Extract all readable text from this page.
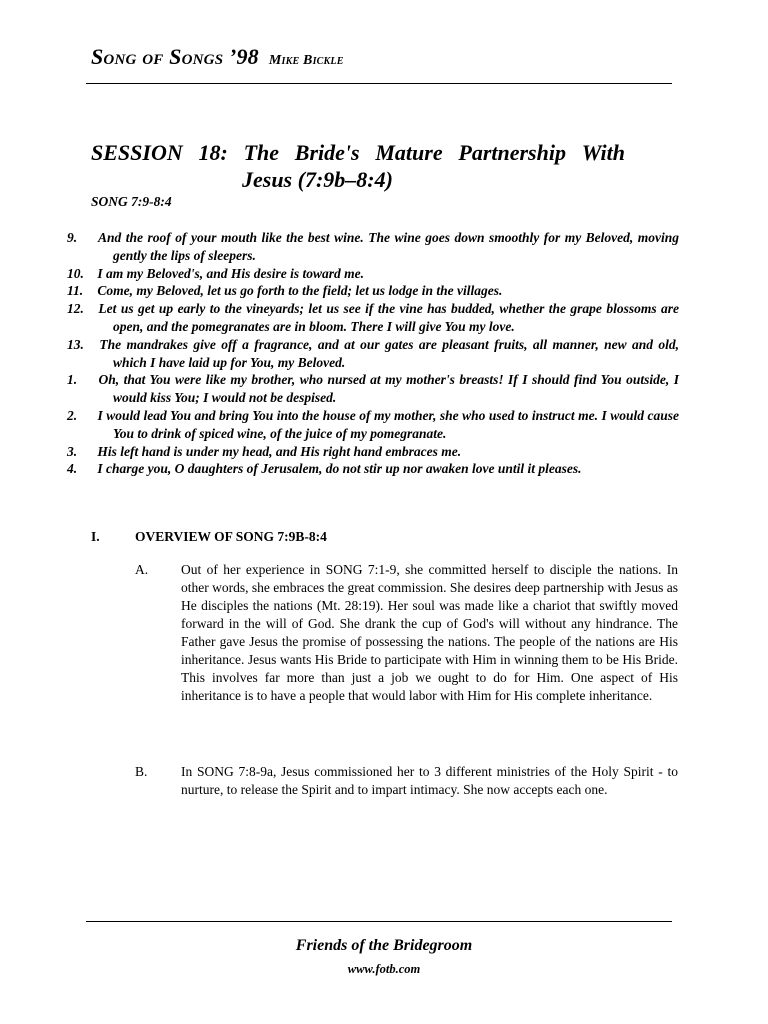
Song of Songs ’98 Mike Bickle
SESSION 18: The Bride's Mature Partnership With
Jesus (7:9b–8:4)
SONG 7:9-8:4
9. And the roof of your mouth like the best wine. The wine goes down smoothly for my Beloved, moving gently the lips of sleepers.
10. I am my Beloved's, and His desire is toward me.
11. Come, my Beloved, let us go forth to the field; let us lodge in the villages.
12. Let us get up early to the vineyards; let us see if the vine has budded, whether the grape blossoms are open, and the pomegranates are in bloom. There I will give You my love.
13. The mandrakes give off a fragrance, and at our gates are pleasant fruits, all manner, new and old, which I have laid up for You, my Beloved.
1. Oh, that You were like my brother, who nursed at my mother's breasts! If I should find You outside, I would kiss You; I would not be despised.
2. I would lead You and bring You into the house of my mother, she who used to instruct me. I would cause You to drink of spiced wine, of the juice of my pomegranate.
3. His left hand is under my head, and His right hand embraces me.
4. I charge you, O daughters of Jerusalem, do not stir up nor awaken love until it pleases.
I.	OVERVIEW OF SONG 7:9B-8:4
A. Out of her experience in SONG 7:1-9, she committed herself to disciple the nations. In other words, she embraces the great commission. She desires deep partnership with Jesus as He disciples the nations (Mt. 28:19). Her soul was made like a chariot that swiftly moved forward in the will of God. She drank the cup of God's will without any hindrance. The Father gave Jesus the promise of possessing the nations. The people of the nations are His inheritance. Jesus wants His Bride to participate with Him in winning them to be His Bride. This involves far more than just a job we ought to do for Him. One aspect of His inheritance is to have a people that would labor with Him for His complete inheritance.
B. In SONG 7:8-9a, Jesus commissioned her to 3 different ministries of the Holy Spirit - to nurture, to release the Spirit and to impart intimacy. She now accepts each one.
Friends of the Bridegroom
www.fotb.com
